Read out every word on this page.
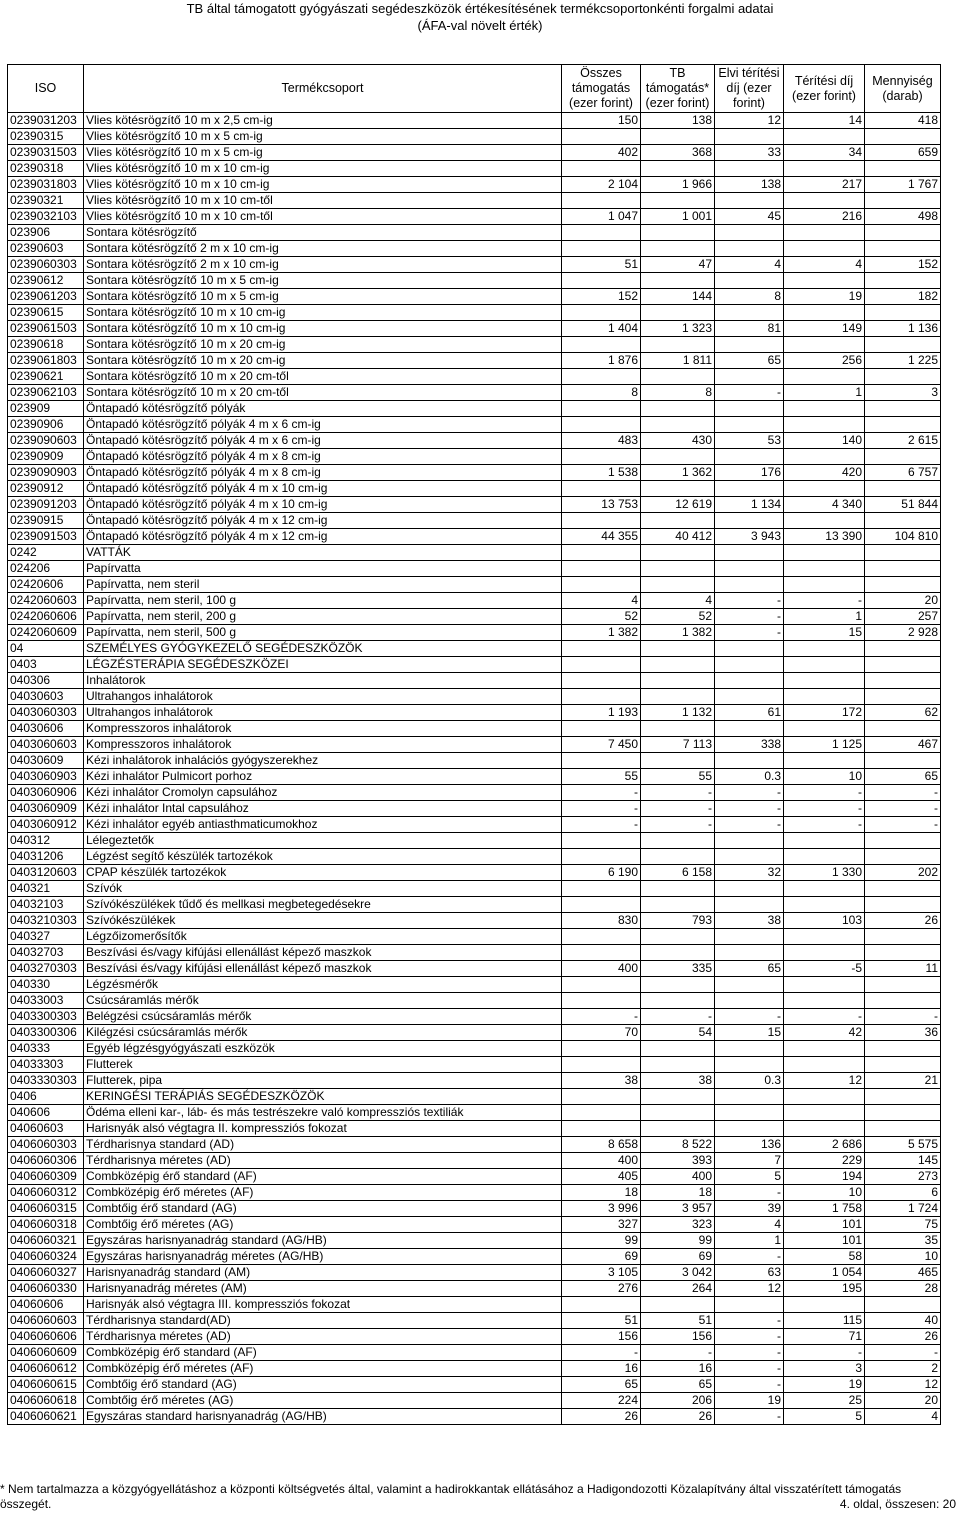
TB által támogatott gyógyászati segédeszközök értékesítésének termékcsoportonkénti forgalmi adatai
(ÁFA-val növelt érték)
ISO	Termékcsoport	Összes támogatás (ezer forint)	TB támogatás* (ezer forint)	Elvi térítési díj (ezer forint)	Térítési díj (ezer forint)	Mennyiség (darab)
0239031203	Vlies kötésrögzítő 10 m x 2,5 cm-ig	150	138	12	14	418
02390315	Vlies kötésrögzítő 10 m x 5 cm-ig					
0239031503	Vlies kötésrögzítő 10 m x 5 cm-ig	402	368	33	34	659
02390318	Vlies kötésrögzítő 10 m x 10 cm-ig					
0239031803	Vlies kötésrögzítő 10 m x 10 cm-ig	2 104	1 966	138	217	1 767
02390321	Vlies kötésrögzítő 10 m x 10 cm-től					
0239032103	Vlies kötésrögzítő 10 m x 10 cm-től	1 047	1 001	45	216	498
023906	Sontara kötésrögzítő					
02390603	Sontara kötésrögzítő 2 m x 10 cm-ig					
0239060303	Sontara kötésrögzítő 2 m x 10 cm-ig	51	47	4	4	152
02390612	Sontara kötésrögzítő 10 m x 5 cm-ig					
0239061203	Sontara kötésrögzítő 10 m x 5 cm-ig	152	144	8	19	182
02390615	Sontara kötésrögzítő 10 m x 10 cm-ig					
0239061503	Sontara kötésrögzítő 10 m x 10 cm-ig	1 404	1 323	81	149	1 136
02390618	Sontara kötésrögzítő 10 m x 20 cm-ig					
0239061803	Sontara kötésrögzítő 10 m x 20 cm-ig	1 876	1 811	65	256	1 225
02390621	Sontara kötésrögzítő 10 m x 20 cm-től					
0239062103	Sontara kötésrögzítő 10 m x 20 cm-től	8	8	-	1	3
023909	Öntapadó kötésrögzítő pólyák					
02390906	Öntapadó kötésrögzítő pólyák 4 m x 6 cm-ig					
0239090603	Öntapadó kötésrögzítő pólyák 4 m x 6 cm-ig	483	430	53	140	2 615
02390909	Öntapadó kötésrögzítő pólyák 4 m x 8 cm-ig					
0239090903	Öntapadó kötésrögzítő pólyák 4 m x 8 cm-ig	1 538	1 362	176	420	6 757
02390912	Öntapadó kötésrögzítő pólyák 4 m x 10 cm-ig					
0239091203	Öntapadó kötésrögzítő pólyák 4 m x 10 cm-ig	13 753	12 619	1 134	4 340	51 844
02390915	Öntapadó kötésrögzítő pólyák 4 m x 12 cm-ig					
0239091503	Öntapadó kötésrögzítő pólyák 4 m x 12 cm-ig	44 355	40 412	3 943	13 390	104 810
0242	VATTÁK					
024206	Papírvatta					
02420606	Papírvatta, nem steril					
0242060603	Papírvatta, nem steril, 100 g	4	4	-	-	20
0242060606	Papírvatta, nem steril, 200 g	52	52	-	1	257
0242060609	Papírvatta, nem steril, 500 g	1 382	1 382	-	15	2 928
04	SZEMÉLYES GYÓGYKEZELŐ SEGÉDESZKÖZÖK					
0403	LÉGZÉSTERÁPIA SEGÉDESZKÖZEI					
040306	Inhalátorok					
04030603	Ultrahangos inhalátorok					
0403060303	Ultrahangos inhalátorok	1 193	1 132	61	172	62
04030606	Kompresszoros inhalátorok					
0403060603	Kompresszoros inhalátorok	7 450	7 113	338	1 125	467
04030609	Kézi inhalátorok inhalációs gyógyszerekhez					
0403060903	Kézi inhalátor Pulmicort porhoz	55	55	0.3	10	65
0403060906	Kézi inhalátor Cromolyn capsulához	-	-	-	-	-
0403060909	Kézi inhalátor Intal capsulához	-	-	-	-	-
0403060912	Kézi inhalátor egyéb antiasthmaticumokhoz	-	-	-	-	-
040312	Lélegeztetők					
04031206	Légzést segítő készülék tartozékok					
0403120603	CPAP készülék tartozékok	6 190	6 158	32	1 330	202
040321	Szívók					
04032103	Szívókészülékek tűdő és mellkasi megbetegedésekre					
0403210303	Szívókészülékek	830	793	38	103	26
040327	Légzőizomerősítők					
04032703	Beszívási és/vagy kifújási ellenállást képező maszkok					
0403270303	Beszívási és/vagy kifújási ellenállást képező maszkok	400	335	65	-5	11
040330	Légzésmérők					
04033003	Csúcsáramlás mérők					
0403300303	Belégzési csúcsáramlás mérők	-	-	-	-	-
0403300306	Kilégzési csúcsáramlás mérők	70	54	15	42	36
040333	Egyéb légzésgyógyászati eszközök					
04033303	Flutterek					
0403330303	Flutterek, pipa	38	38	0.3	12	21
0406	KERINGÉSI TERÁPIÁS SEGÉDESZKÖZÖK					
040606	Ödéma elleni kar-, láb- és más testrészekre való kompressziós textiliák					
04060603	Harisnyák alsó végtagra II. kompressziós fokozat					
0406060303	Térdharisnya standard (AD)	8 658	8 522	136	2 686	5 575
0406060306	Térdharisnya méretes (AD)	400	393	7	229	145
0406060309	Combközépig érő standard (AF)	405	400	5	194	273
0406060312	Combközépig érő méretes (AF)	18	18	-	10	6
0406060315	Combtőig érő standard (AG)	3 996	3 957	39	1 758	1 724
0406060318	Combtőig érő méretes (AG)	327	323	4	101	75
0406060321	Egyszáras harisnyanadrág standard (AG/HB)	99	99	1	101	35
0406060324	Egyszáras harisnyanadrág méretes (AG/HB)	69	69	-	58	10
0406060327	Harisnyanadrág standard (AM)	3 105	3 042	63	1 054	465
0406060330	Harisnyanadrág méretes (AM)	276	264	12	195	28
04060606	Harisnyák alsó végtagra III. kompressziós fokozat					
0406060603	Térdharisnya standard(AD)	51	51	-	115	40
0406060606	Térdharisnya méretes (AD)	156	156	-	71	26
0406060609	Combközépig érő standard (AF)	-	-	-	-	-
0406060612	Combközépig érő méretes (AF)	16	16	-	3	2
0406060615	Combtőig érő standard (AG)	65	65	-	19	12
0406060618	Combtőig érő méretes (AG)	224	206	19	25	20
0406060621	Egyszáras standard harisnyanadrág (AG/HB)	26	26	-	5	4
* Nem tartalmazza a közgyógyellátáshoz a központi költségvetés által, valamint a hadirokkantak ellátásához a Hadigondozotti Közalapítvány által visszatérített támogatás
összegét.	4. oldal, összesen: 20
